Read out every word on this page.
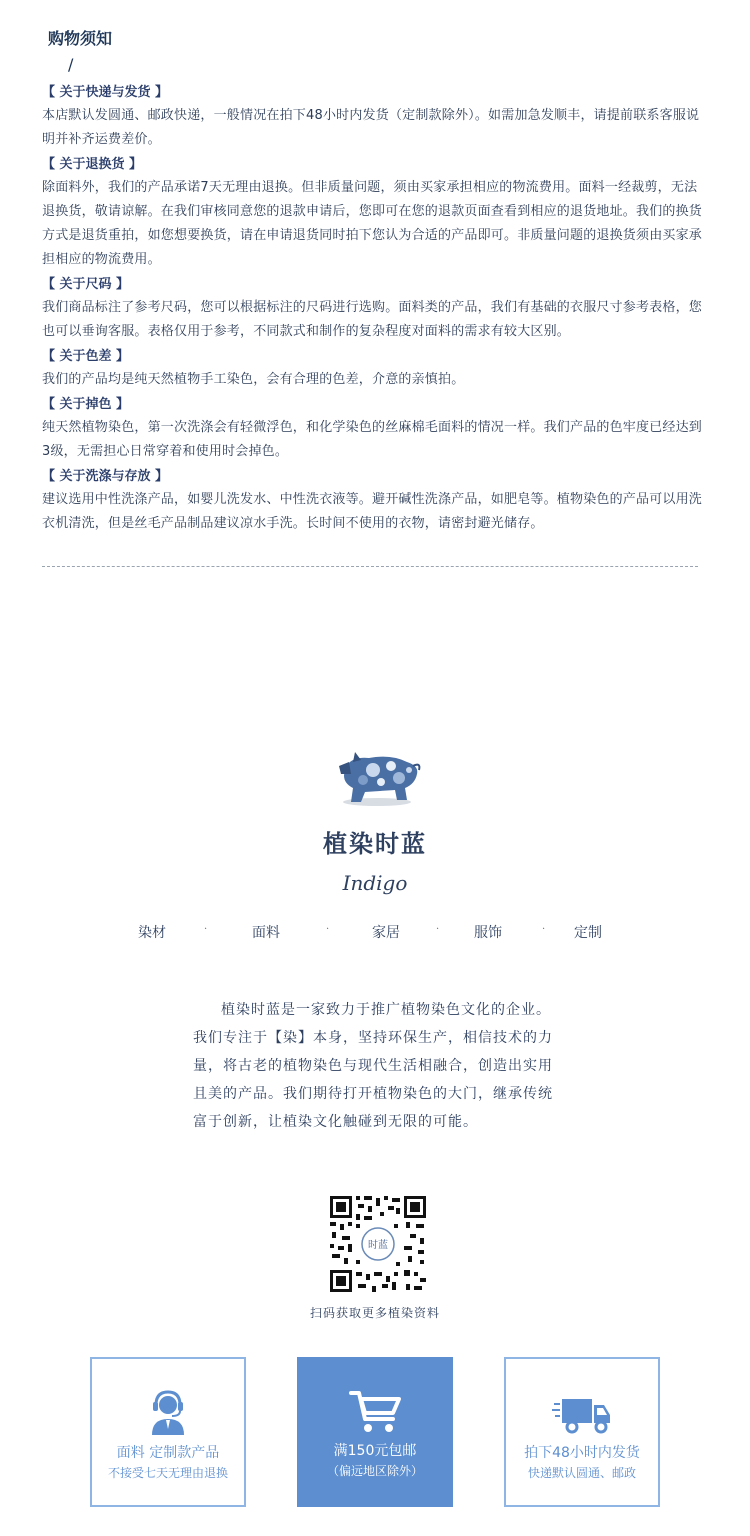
购物须知
/
【 关于快递与发货 】
本店默认发圆通、邮政快递，一般情况在拍下48小时内发货（定制款除外）。如需加急发顺丰，请提前联系客服说明并补齐运费差价。
【 关于退换货 】
除面料外，我们的产品承诺7天无理由退换。但非质量问题，须由买家承担相应的物流费用。面料一经裁剪，无法退换货，敬请谅解。在我们审核同意您的退款申请后，您即可在您的退款页面查看到相应的退货地址。我们的换货方式是退货重拍，如您想要换货，请在申请退货同时拍下您认为合适的产品即可。非质量问题的退换货须由买家承担相应的物流费用。
【 关于尺码 】
我们商品标注了参考尺码，您可以根据标注的尺码进行选购。面料类的产品，我们有基础的衣服尺寸参考表格，您也可以垂询客服。表格仅用于参考，不同款式和制作的复杂程度对面料的需求有较大区别。
【 关于色差 】
我们的产品均是纯天然植物手工染色，会有合理的色差，介意的亲慎拍。
【 关于掉色 】
纯天然植物染色，第一次洗涤会有轻微浮色，和化学染色的丝麻棉毛面料的情况一样。我们产品的色牢度已经达到3级，无需担心日常穿着和使用时会掉色。
【 关于洗涤与存放 】
建议选用中性洗涤产品，如婴儿洗发水、中性洗衣液等。避开碱性洗涤产品，如肥皂等。植物染色的产品可以用洗衣机清洗，但是丝毛产品制品建议凉水手洗。长时间不使用的衣物，请密封避光储存。
植染时蓝
Indigo
染材	·	面料	·	家居	· 服饰	· 定制

植染时蓝是一家致力于推广植物染色文化的企业。

我们专注于【染】本身，坚持环保生产，相信技术的力量，将古老的植物染色与现代生活相融合，创造出实用且美的产品。我们期待打开植物染色的大门，继承传统富于创新，让植染文化触碰到无限的可能。

时蓝
扫码获取更多植染资料
面料 定制款产品
不接受七天无理由退换
满150元包邮
（偏远地区除外）
拍下48小时内发货
快递默认圆通、邮政
